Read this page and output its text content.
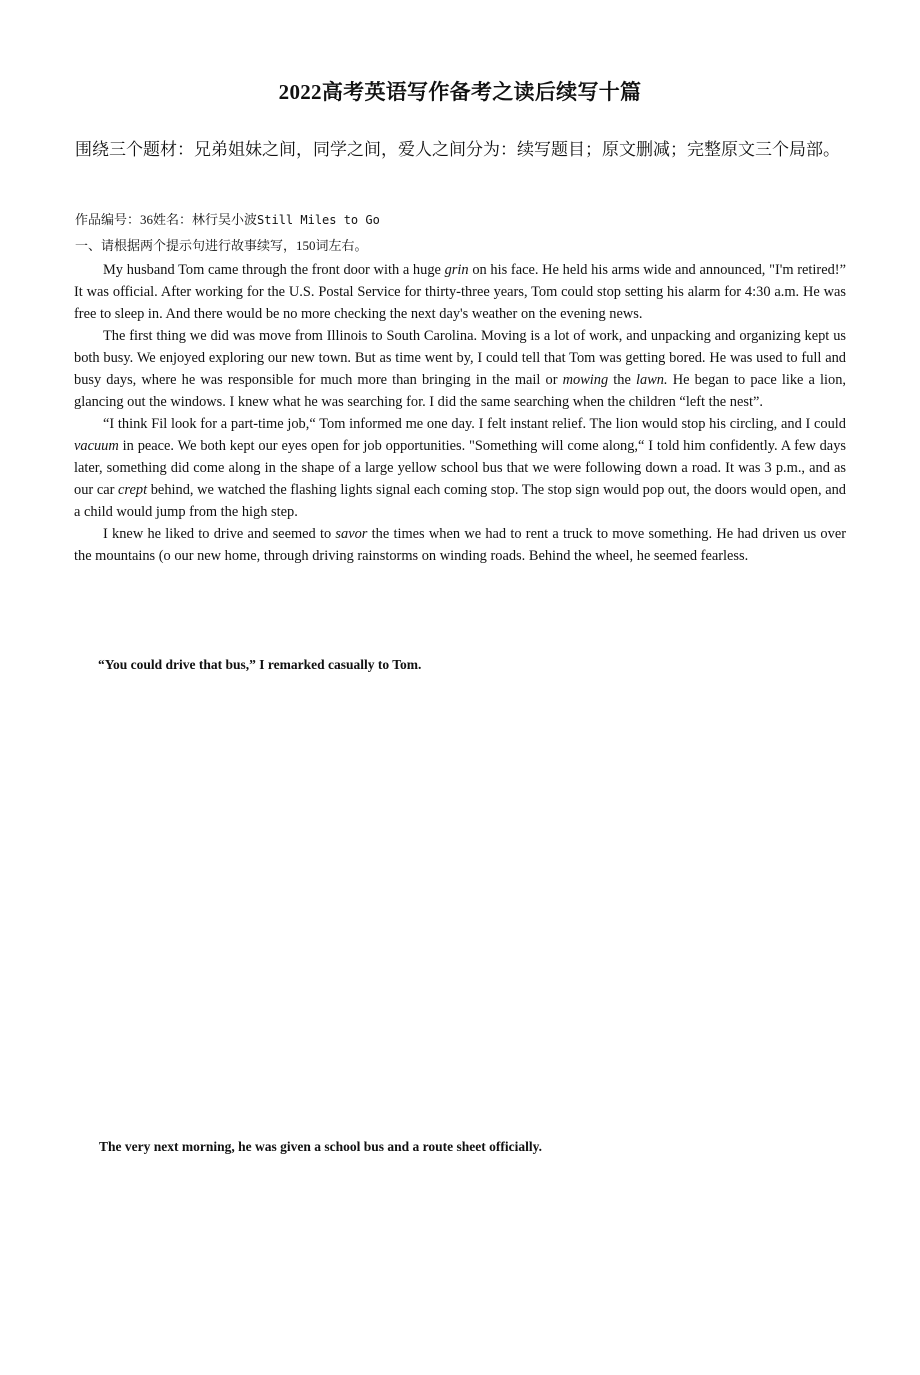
2022高考英语写作备考之读后续写十篇

围绕三个题材：兄弟姐妹之间，同学之间，爱人之间分为：续写题目；原文删减；完整原文三个局部。

作品编号：36姓名：林行吴小波Still Miles to Go

一、请根据两个提示句进行故事续写，150词左右。

My husband Tom came through the front door with a huge grin on his face. He held his arms wide and announced, "I'm retired!” It was official. After working for the U.S. Postal Service for thirty-three years, Tom could stop setting his alarm for 4:30 a.m. He was free to sleep in. And there would be no more checking the next day's weather on the evening news.

The first thing we did was move from Illinois to South Carolina. Moving is a lot of work, and unpacking and organizing kept us both busy. We enjoyed exploring our new town. But as time went by, I could tell that Tom was getting bored. He was used to full and busy days, where he was responsible for much more than bringing in the mail or mowing the lawn. He began to pace like a lion, glancing out the windows. I knew what he was searching for. I did the same searching when the children “left the nest”.

“I think Fil look for a part-time job,“ Tom informed me one day. I felt instant relief. The lion would stop his circling, and I could vacuum in peace. We both kept our eyes open for job opportunities. "Something will come along,“ I told him confidently. A few days later, something did come along in the shape of a large yellow school bus that we were following down a road. It was 3 p.m., and as our car crept behind, we watched the flashing lights signal each coming stop. The stop sign would pop out, the doors would open, and a child would jump from the high step.

I knew he liked to drive and seemed to savor the times when we had to rent a truck to move something. He had driven us over the mountains (o our new home, through driving rainstorms on winding roads. Behind the wheel, he seemed fearless.

“You could drive that bus,” I remarked casually to Tom.

The very next morning, he was given a school bus and a route sheet officially.
